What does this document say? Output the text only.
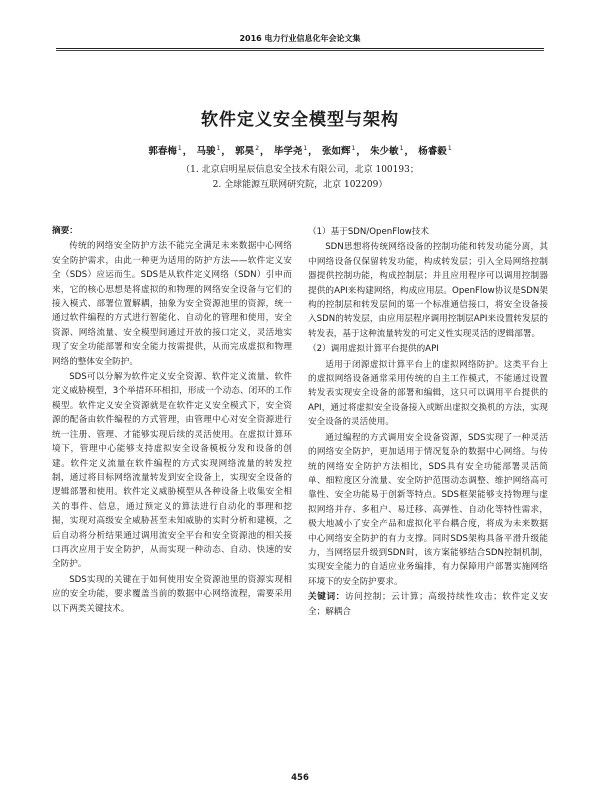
2016 电力行业信息化年会论文集
软件定义安全模型与架构
郭春梅$^1$， 马骏$^1$， 郭昊$^2$， 毕学尧$^1$， 张如辉$^1$， 朱少敏$^1$， 杨睿毅$^1$
（1. 北京启明星辰信息安全技术有限公司，北京 100193；
2. 全球能源互联网研究院，北京 102209）

摘要：

传统的网络安全防护方法不能完全满足未来数据中心网络安全防护需求，由此一种更为适用的防护方法——软件定义安全（SDS）应运而生。SDS是从软件定义网络（SDN）引申而来，它的核心思想是将虚拟的和物理的网络安全设备与它们的接入模式、部署位置解耦，抽象为安全资源池里的资源，统一通过软件编程的方式进行智能化、自动化的管理和使用，安全资源、网络流量、安全模型间通过开放的接口定义，灵活地实现了安全功能部署和安全能力按需提供，从而完成虚拟和物理网络的整体安全防护。

SDS可以分解为软件定义安全资源、软件定义流量、软件定义威胁模型，3个举措环环相扣，形成一个动态、闭环的工作模型。软件定义安全资源就是在软件定义安全模式下，安全资源的配备由软件编程的方式管理，由管理中心对安全资源进行统一注册、管理、才能够实现后续的灵活使用。在虚拟计算环境下，管理中心能够支持虚拟安全设备模板分发和设备的创建。软件定义流量在软件编程的方式实现网络流量的转发控制，通过将目标网络流量转发到安全设备上，实现安全设备的逻辑部署和使用。软件定义威胁模型从各种设备上收集安全相关的事件、信息，通过预定义的算法进行自动化的事理和挖掘，实现对高级安全威胁甚至未知威胁的实时分析和建模，之后自动将分析结果通过调用流安全平台和安全资源池的相关接口再次应用于安全防护，从而实现一种动态、自动、快速的安全防护。

SDS实现的关键在于如何使用安全资源池里的资源实现相应的安全功能，要求覆盖当前的数据中心网络流程，需要采用以下两类关键技术。

（1）基于SDN/OpenFlow技术

SDN思想将传统网络设备的控制功能和转发功能分离，其中网络设备仅保留转发功能，构成转发层；引入全局网络控制器提供控制功能，构成控制层；并且应用程序可以调用控制器提供的API来构建网络，构成应用层。OpenFlow协议是SDN架构的控制层和转发层间的第一个标准通信接口，将安全设备接入SDN的转发层，由应用层程序调用控制层API来设置转发层的转发表，基于这种流量转发的可定义性实现灵活的逻辑部署。

（2）调用虚拟计算平台提供的API

适用于闭源虚拟计算平台上的虚拟网络防护。这类平台上的虚拟网络设备通常采用传统的自主工作模式，不能通过设置转发表实现安全设备的部署和编辑，这只可以调用平台提供的API，通过将虚拟安全设备接入或断出虚拟交换机的方法，实现安全设备的灵活使用。

通过编程的方式调用安全设备资源，SDS实现了一种灵活的网络安全防护，更加适用于情况复杂的数据中心网络。与传统的网络安全防护方法相比，SDS具有安全功能部署灵活简单、细粒度区分流量、安全防护范围动态调整、维护网络高可靠性、安全功能易于创新等特点。SDS框架能够支持物理与虚拟网络并存、多租户、易迁移、高弹性、自动化等特性需求，极大地减小了安全产品和虚拟化平台耦合度，将成为未来数据中心网络安全防护的有力支撑。同时SDS架构具备平滑升级能力，当网络层升级到SDN时，该方案能够结合SDN控制机制，实现安全能力的自适应业务编排，有力保障用户部署实施网络环境下的安全防护要求。

关键词：访问控制；云计算；高级持续性攻击；软件定义安全；解耦合

456
